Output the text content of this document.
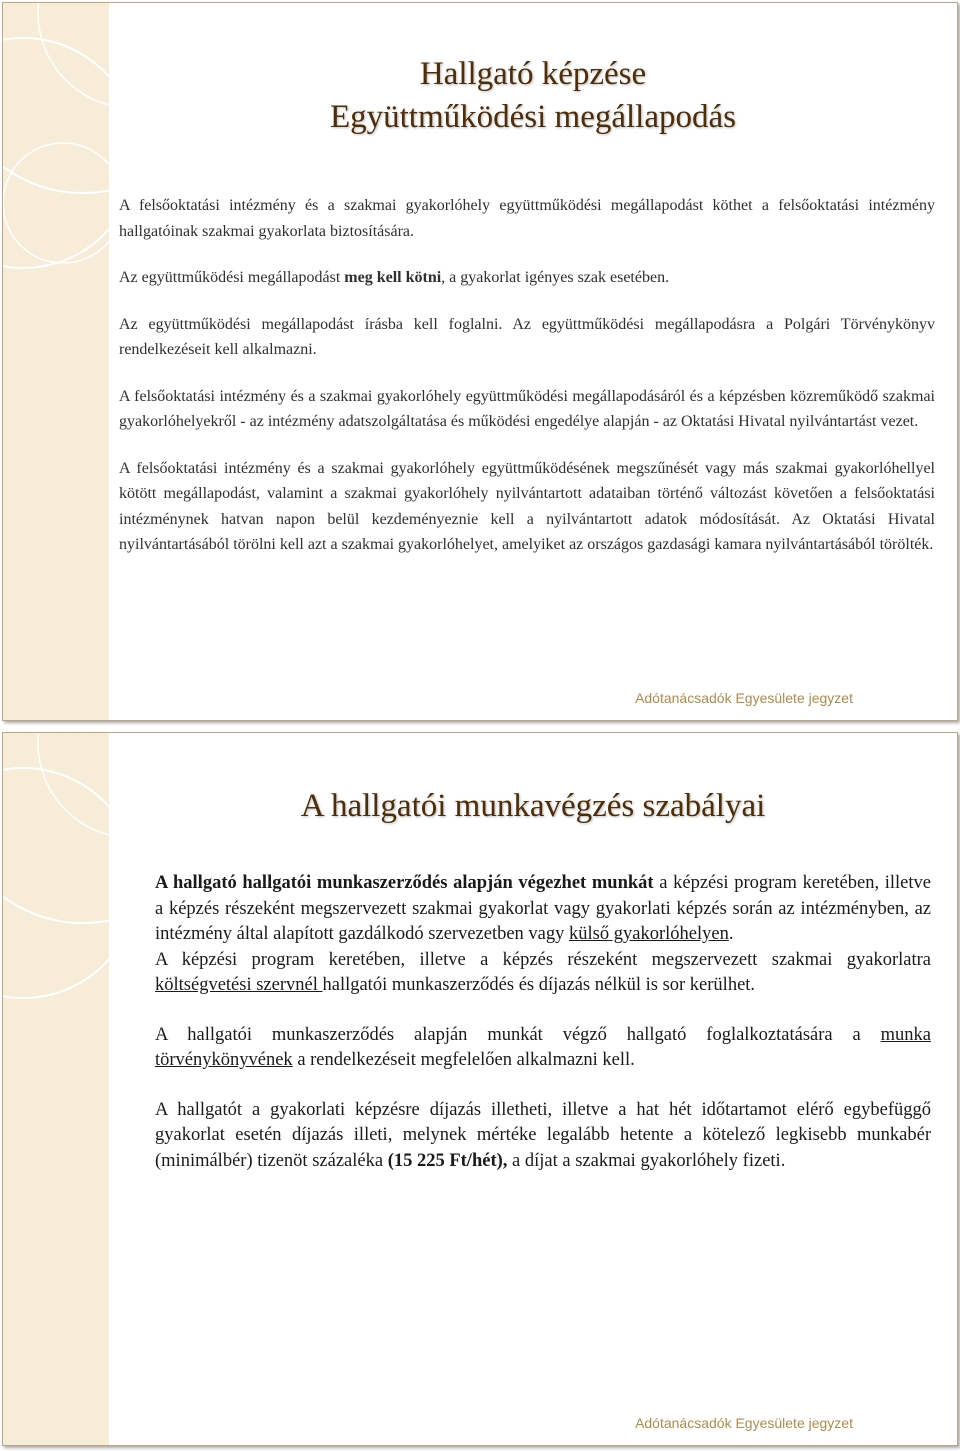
Hallgató képzése
Együttműködési megállapodás

A felsőoktatási intézmény és a szakmai gyakorlóhely együttműködési megállapodást köthet a felsőoktatási intézmény hallgatóinak szakmai gyakorlata biztosítására.

Az együttműködési megállapodást meg kell kötni, a gyakorlat igényes szak esetében.

Az együttműködési megállapodást írásba kell foglalni. Az együttműködési megállapodásra a Polgári Törvénykönyv rendelkezéseit kell alkalmazni.

A felsőoktatási intézmény és a szakmai gyakorlóhely együttműködési megállapodásáról és a képzésben közreműködő szakmai gyakorlóhelyekről - az intézmény adatszolgáltatása és működési engedélye alapján - az Oktatási Hivatal nyilvántartást vezet.

A felsőoktatási intézmény és a szakmai gyakorlóhely együttműködésének megszűnését vagy más szakmai gyakorlóhellyel kötött megállapodást, valamint a szakmai gyakorlóhely nyilvántartott adataiban történő változást követően a felsőoktatási intézménynek hatvan napon belül kezdeményeznie kell a nyilvántartott adatok módosítását. Az Oktatási Hivatal nyilvántartásából törölni kell azt a szakmai gyakorlóhelyet, amelyiket az országos gazdasági kamara nyilvántartásából törölték.

Adótanácsadók Egyesülete jegyzet
A hallgatói munkavégzés szabályai

A hallgató hallgatói munkaszerződés alapján végezhet munkát a képzési program keretében, illetve a képzés részeként megszervezett szakmai gyakorlat vagy gyakorlati képzés során az intézményben, az intézmény által alapított gazdálkodó szervezetben vagy külső gyakorlóhelyen.

A képzési program keretében, illetve a képzés részeként megszervezett szakmai gyakorlatra költségvetési szervnél hallgatói munkaszerződés és díjazás nélkül is sor kerülhet.

A hallgatói munkaszerződés alapján munkát végző hallgató foglalkoztatására a munka törvénykönyvének a rendelkezéseit megfelelően alkalmazni kell.

A hallgatót a gyakorlati képzésre díjazás illetheti, illetve a hat hét időtartamot elérő egybefüggő gyakorlat esetén díjazás illeti, melynek mértéke legalább hetente a kötelező legkisebb munkabér (minimálbér) tizenöt százaléka (15 225 Ft/hét), a díjat a szakmai gyakorlóhely fizeti.

Adótanácsadók Egyesülete jegyzet
